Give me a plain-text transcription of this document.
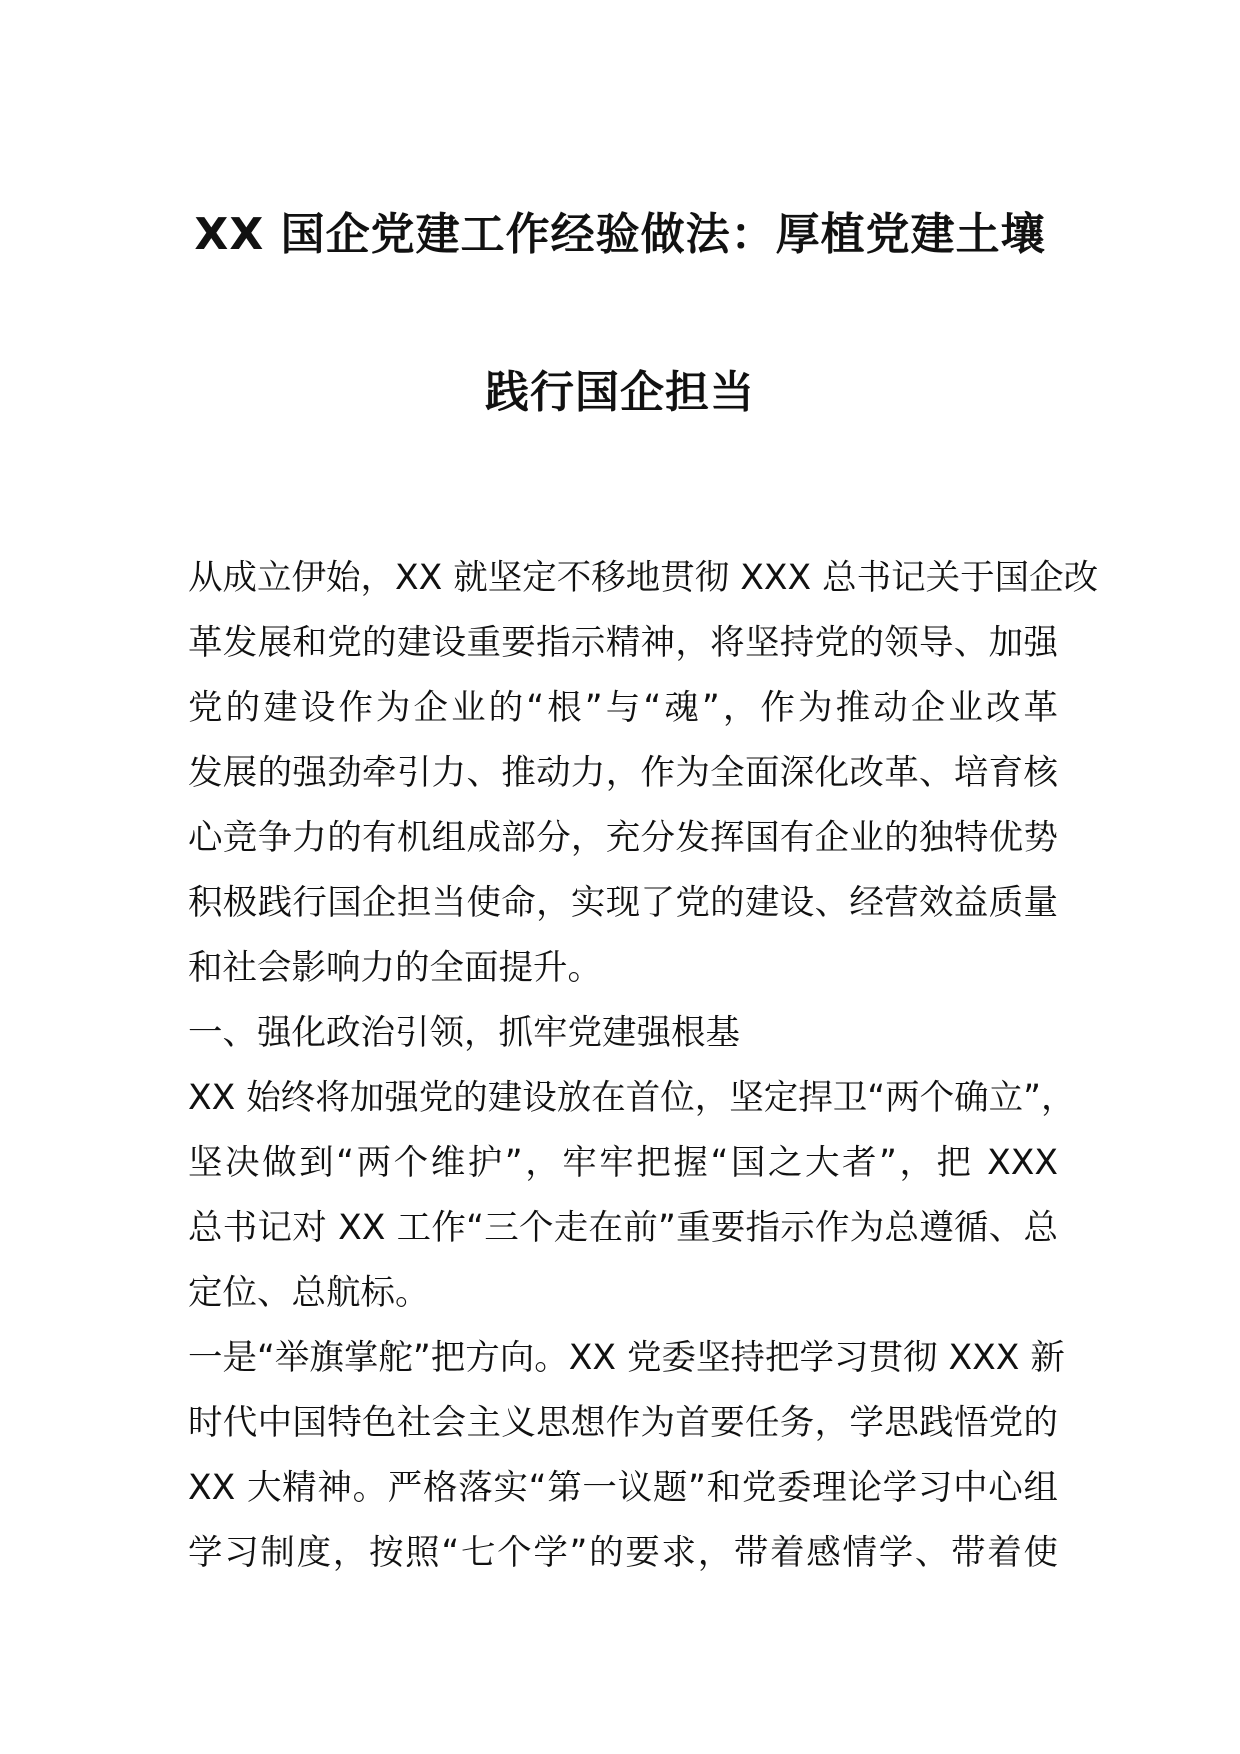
XX 国企党建工作经验做法：厚植党建土壤
践行国企担当
从成立伊始，XX 就坚定不移地贯彻 XXX 总书记关于国企改
革发展和党的建设重要指示精神，将坚持党的领导、加强
党的建设作为企业的“根”与“魂”，作为推动企业改革
发展的强劲牵引力、推动力，作为全面深化改革、培育核
心竞争力的有机组成部分，充分发挥国有企业的独特优势
积极践行国企担当使命，实现了党的建设、经营效益质量
和社会影响力的全面提升。
一、强化政治引领，抓牢党建强根基
XX 始终将加强党的建设放在首位，坚定捍卫“两个确立”，
坚决做到“两个维护”，牢牢把握“国之大者”，把 XXX
总书记对 XX 工作“三个走在前”重要指示作为总遵循、总
定位、总航标。
一是“举旗掌舵”把方向。XX 党委坚持把学习贯彻 XXX 新
时代中国特色社会主义思想作为首要任务，学思践悟党的
XX 大精神。严格落实“第一议题”和党委理论学习中心组
学习制度，按照“七个学”的要求，带着感情学、带着使
